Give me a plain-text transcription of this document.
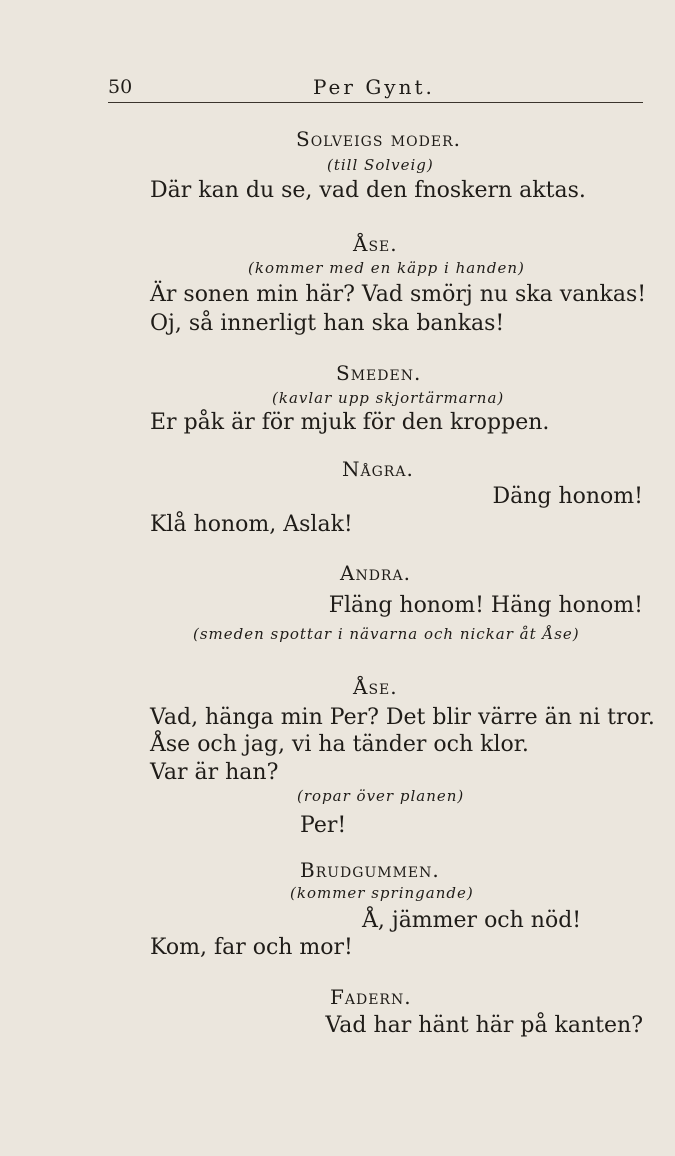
50	Per Gynt.
Solveigs moder.
(till Solveig)
Där kan du se, vad den fnoskern aktas.
Åse.
(kommer med en käpp i handen)
Är sonen min här? Vad smörj nu ska vankas!
Oj, så innerligt han ska bankas!
Smeden.
(kavlar upp skjortärmarna)
Er påk är för mjuk för den kroppen.
Några.
Däng honom!
Klå honom, Aslak!
Andra.
Fläng honom! Häng honom!
(smeden spottar i nävarna och nickar åt Åse)
Åse.
Vad, hänga min Per? Det blir värre än ni tror.
Åse och jag, vi ha tänder och klor.
Var är han?
(ropar över planen)
Per!
Brudgummen.
(kommer springande)
Å, jämmer och nöd!
Kom, far och mor!
Fadern.
Vad har hänt här på kanten?
